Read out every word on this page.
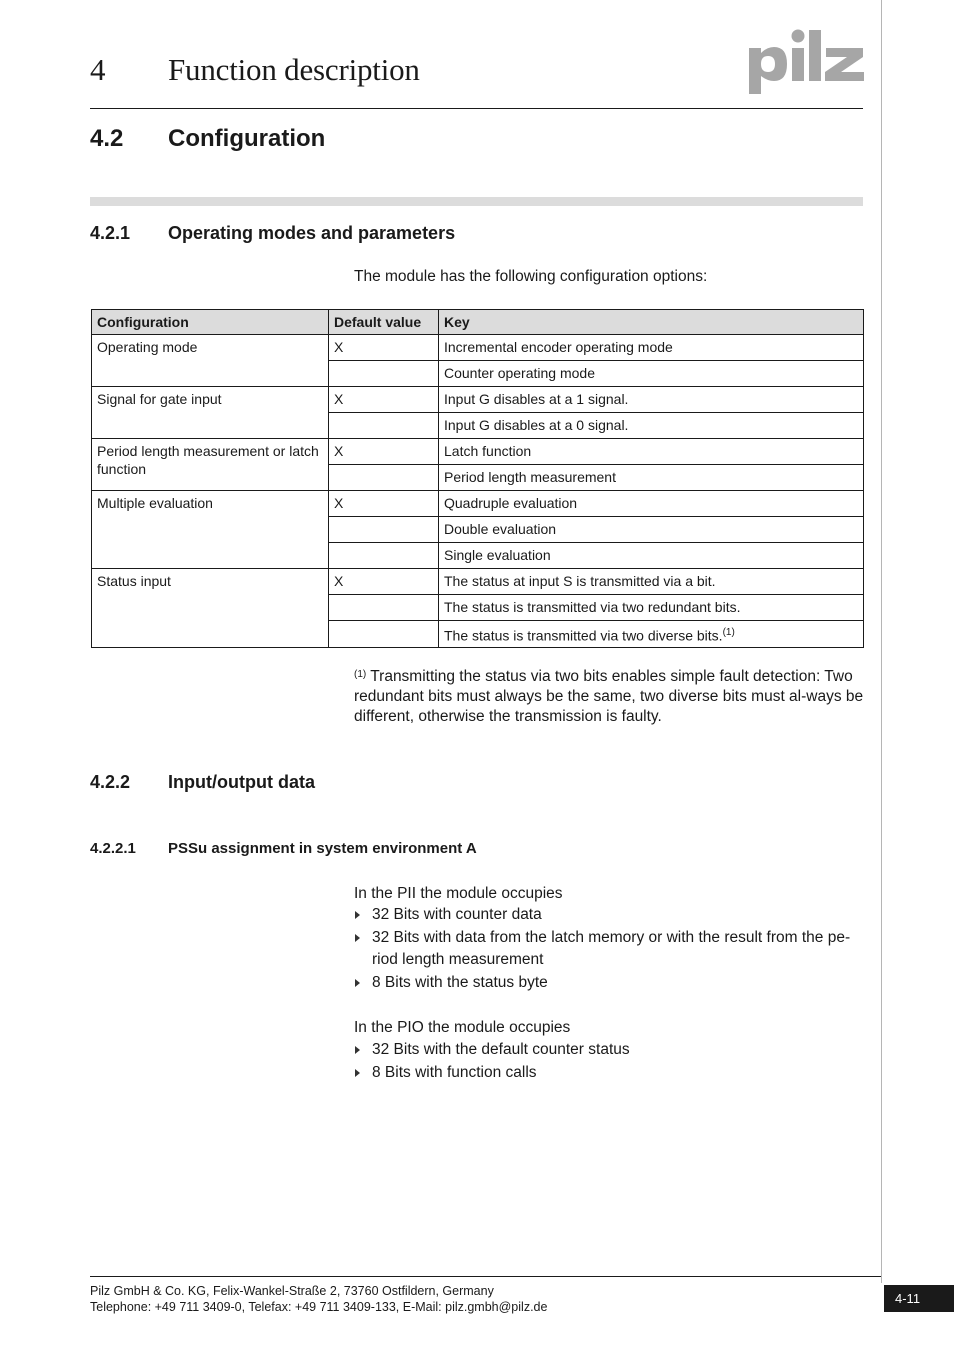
4 Function description
4.2 Configuration
4.2.1 Operating modes and parameters
The module has the following configuration options:
Configuration	Default value	Key
Operating mode	X	Incremental encoder operating mode
		Counter operating mode
Signal for gate input	X	Input G disables at a 1 signal.
		Input G disables at a 0 signal.
Period length measurement or latch function	X	Latch function
		Period length measurement
Multiple evaluation	X	Quadruple evaluation
		Double evaluation
		Single evaluation
Status input	X	The status at input S is transmitted via a bit.
		The status is transmitted via two redundant bits.
		The status is transmitted via two diverse bits.$^{(1)}$
$^{(1)}$ Transmitting the status via two bits enables simple fault detection: Two redundant bits must always be the same, two diverse bits must al-ways be different, otherwise the transmission is faulty.
4.2.2 Input/output data
4.2.2.1 PSSu assignment in system environment A
In the PII the module occupies
32 Bits with counter data
32 Bits with data from the latch memory or with the result from the pe-riod length measurement
8 Bits with the status byte
In the PIO the module occupies
32 Bits with the default counter status
8 Bits with function calls
Pilz GmbH & Co. KG, Felix-Wankel-Straße 2, 73760 Ostfildern, Germany
Telephone: +49 711 3409-0, Telefax: +49 711 3409-133, E-Mail: pilz.gmbh@pilz.de
4-11
